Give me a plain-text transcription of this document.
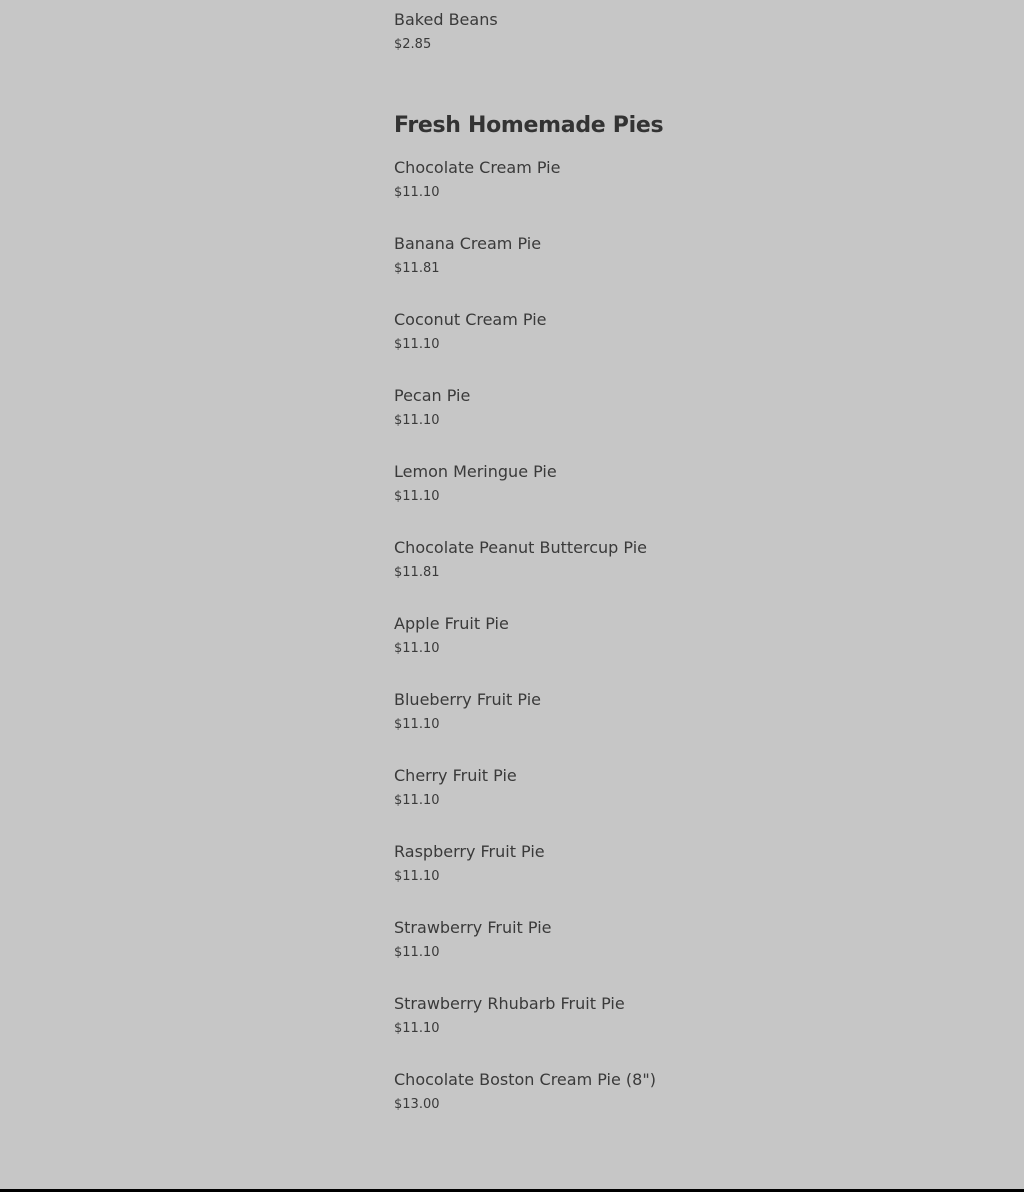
Baked Beans
$2.85
Fresh Homemade Pies
Chocolate Cream Pie
$11.10
Banana Cream Pie
$11.81
Coconut Cream Pie
$11.10
Pecan Pie
$11.10
Lemon Meringue Pie
$11.10
Chocolate Peanut Buttercup Pie
$11.81
Apple Fruit Pie
$11.10
Blueberry Fruit Pie
$11.10
Cherry Fruit Pie
$11.10
Raspberry Fruit Pie
$11.10
Strawberry Fruit Pie
$11.10
Strawberry Rhubarb Fruit Pie
$11.10
Chocolate Boston Cream Pie (8")
$13.00
